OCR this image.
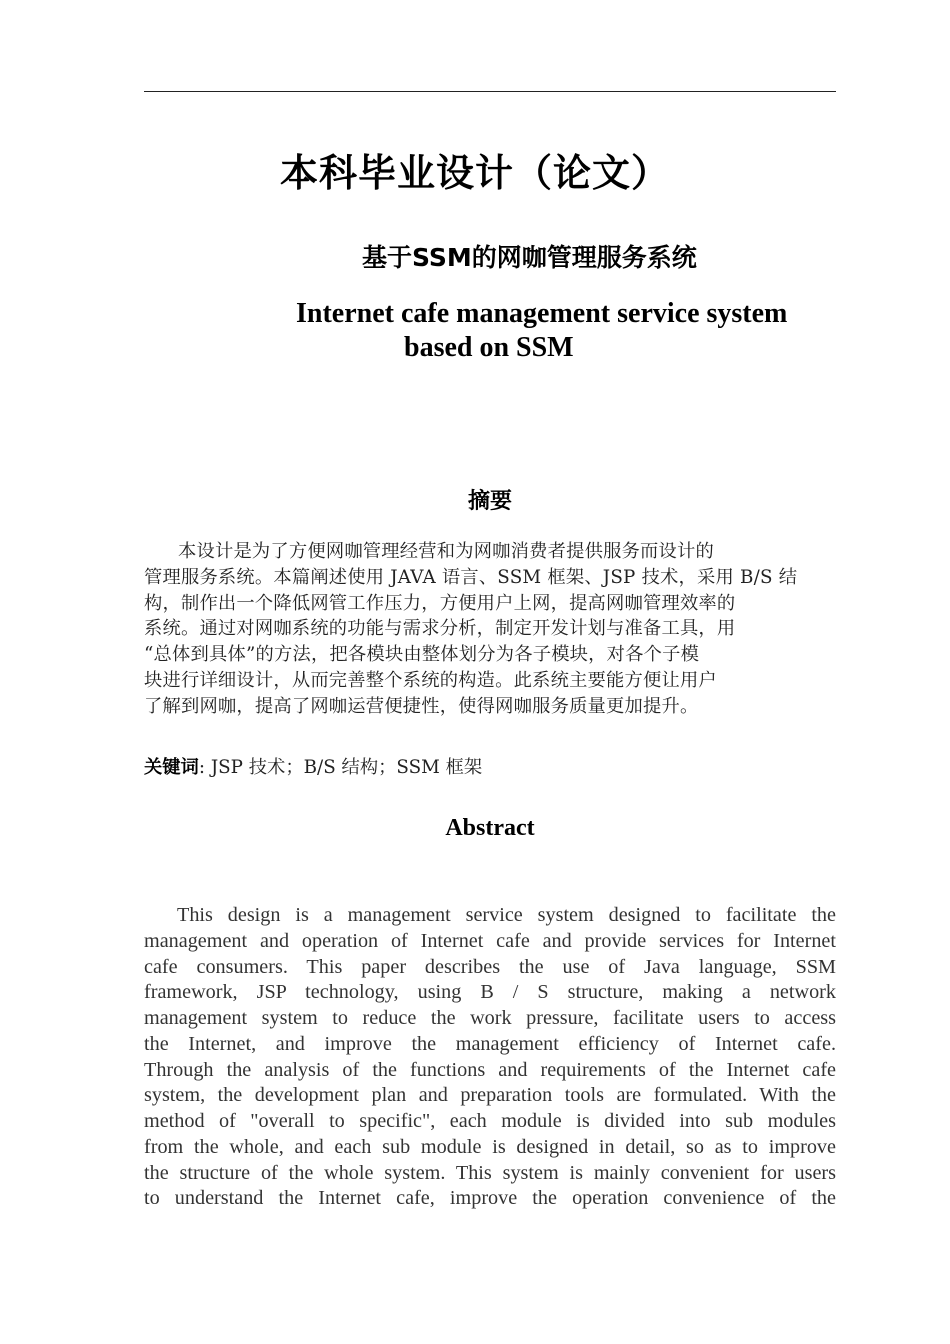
本科毕业设计（论文）
基于SSM的网咖管理服务系统
Internet cafe management service system
based on SSM
摘要
本设计是为了方便网咖管理经营和为网咖消费者提供服务而设计的
管理服务系统。本篇阐述使用 JAVA 语言、SSM 框架、JSP 技术，采用 B/S 结
构，制作出一个降低网管工作压力，方便用户上网，提高网咖管理效率的
系统。通过对网咖系统的功能与需求分析，制定开发计划与准备工具，用
“总体到具体”的方法，把各模块由整体划分为各子模块，对各个子模
块进行详细设计，从而完善整个系统的构造。此系统主要能方便让用户
了解到网咖，提高了网咖运营便捷性，使得网咖服务质量更加提升。
关键词: JSP 技术；B/S 结构；SSM 框架
Abstract
This design is a management service system designed to facilitate the
management and operation of Internet cafe and provide services for Internet
cafe consumers. This paper describes the use of Java language, SSM
framework, JSP technology, using B / S structure, making a network
management system to reduce the work pressure, facilitate users to access
the Internet, and improve the management efficiency of Internet cafe.
Through the analysis of the functions and requirements of the Internet cafe
system, the development plan and preparation tools are formulated. With the
method of "overall to specific", each module is divided into sub modules
from the whole, and each sub module is designed in detail, so as to improve
the structure of the whole system. This system is mainly convenient for users
to understand the Internet cafe, improve the operation convenience of the
